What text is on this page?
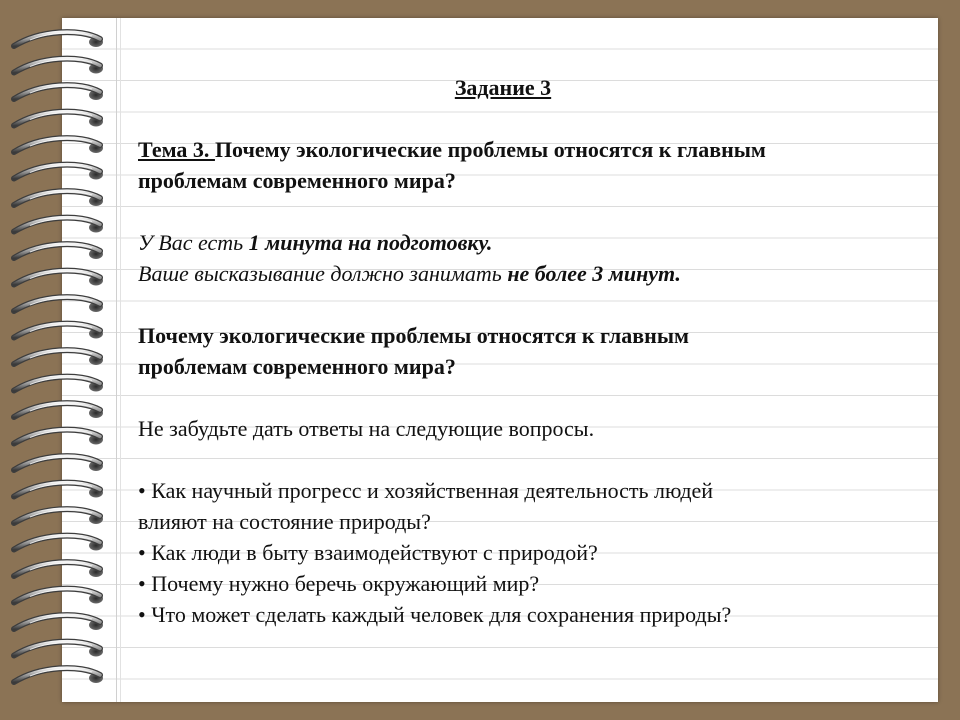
Задание 3

Тема 3. Почему экологические проблемы относятся к главным

проблемам современного мира?

У Вас есть 1 минута на подготовку.

Ваше высказывание должно занимать не более 3 минут.

Почему экологические проблемы относятся к главным

проблемам современного мира?

Не забудьте дать ответы на следующие вопросы.

• Как научный прогресс и хозяйственная деятельность людей

влияют на состояние природы?

• Как люди в быту взаимодействуют с природой?

• Почему нужно беречь окружающий мир?

• Что может сделать каждый человек для сохранения природы?
